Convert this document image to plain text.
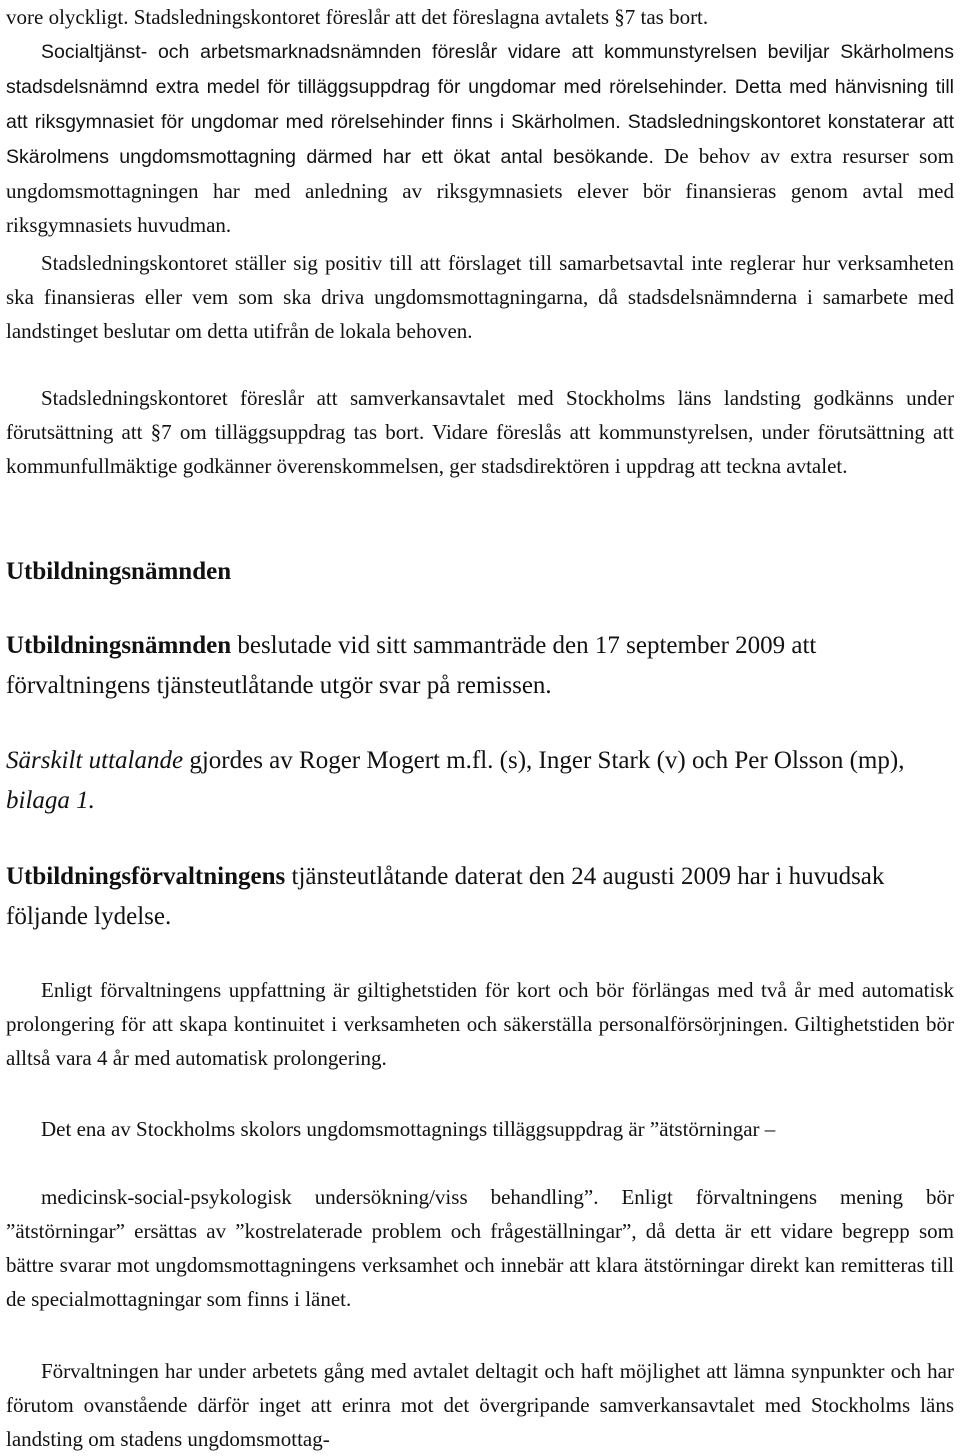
vore olyckligt. Stadsledningskontoret föreslår att det föreslagna avtalets §7 tas bort.
Socialtjänst- och arbetsmarknadsnämnden föreslår vidare att kommunstyrelsen beviljar Skärholmens stadsdelsnämnd extra medel för tilläggsuppdrag för ungdomar med rörelsehinder. Detta med hänvisning till att riksgymnasiet för ungdomar med rörelsehinder finns i Skärholmen. Stadsledningskontoret konstaterar att Skärolmens ungdomsmottagning därmed har ett ökat antal besökande. De behov av extra resurser som ungdomsmottagningen har med anledning av riksgymnasiets elever bör finansieras genom avtal med riksgymnasiets huvudman.

Stadsledningskontoret ställer sig positiv till att förslaget till samarbetsavtal inte reglerar hur verksamheten ska finansieras eller vem som ska driva ungdomsmottagningarna, då stadsdelsnämnderna i samarbete med landstinget beslutar om detta utifrån de lokala behoven.

Stadsledningskontoret föreslår att samverkansavtalet med Stockholms läns landsting godkänns under förutsättning att §7 om tilläggsuppdrag tas bort. Vidare föreslås att kommunstyrelsen, under förutsättning att kommunfullmäktige godkänner överenskommelsen, ger stadsdirektören i uppdrag att teckna avtalet.

Utbildningsnämnden

Utbildningsnämnden beslutade vid sitt sammanträde den 17 september 2009 att förvaltningens tjänsteutlåtande utgör svar på remissen.

Särskilt uttalande gjordes av Roger Mogert m.fl. (s), Inger Stark (v) och Per Olsson (mp), bilaga 1.

Utbildningsförvaltningens tjänsteutlåtande daterat den 24 augusti 2009 har i huvudsak följande lydelse.

Enligt förvaltningens uppfattning är giltighetstiden för kort och bör förlängas med två år med automatisk prolongering för att skapa kontinuitet i verksamheten och säkerställa personalförsörjningen. Giltighetstiden bör alltså vara 4 år med automatisk prolongering.

Det ena av Stockholms skolors ungdomsmottagnings tilläggsuppdrag är ”ätstörningar –

medicinsk-social-psykologisk undersökning/viss behandling”. Enligt förvaltningens mening bör ”ätstörningar” ersättas av ”kostrelaterade problem och frågeställningar”, då detta är ett vidare begrepp som bättre svarar mot ungdomsmottagningens verksamhet och innebär att klara ätstörningar direkt kan remitteras till de specialmottagningar som finns i länet.

Förvaltningen har under arbetets gång med avtalet deltagit och haft möjlighet att lämna synpunkter och har förutom ovanstående därför inget att erinra mot det övergripande samverkansavtalet med Stockholms läns landsting om stadens ungdomsmottag-
